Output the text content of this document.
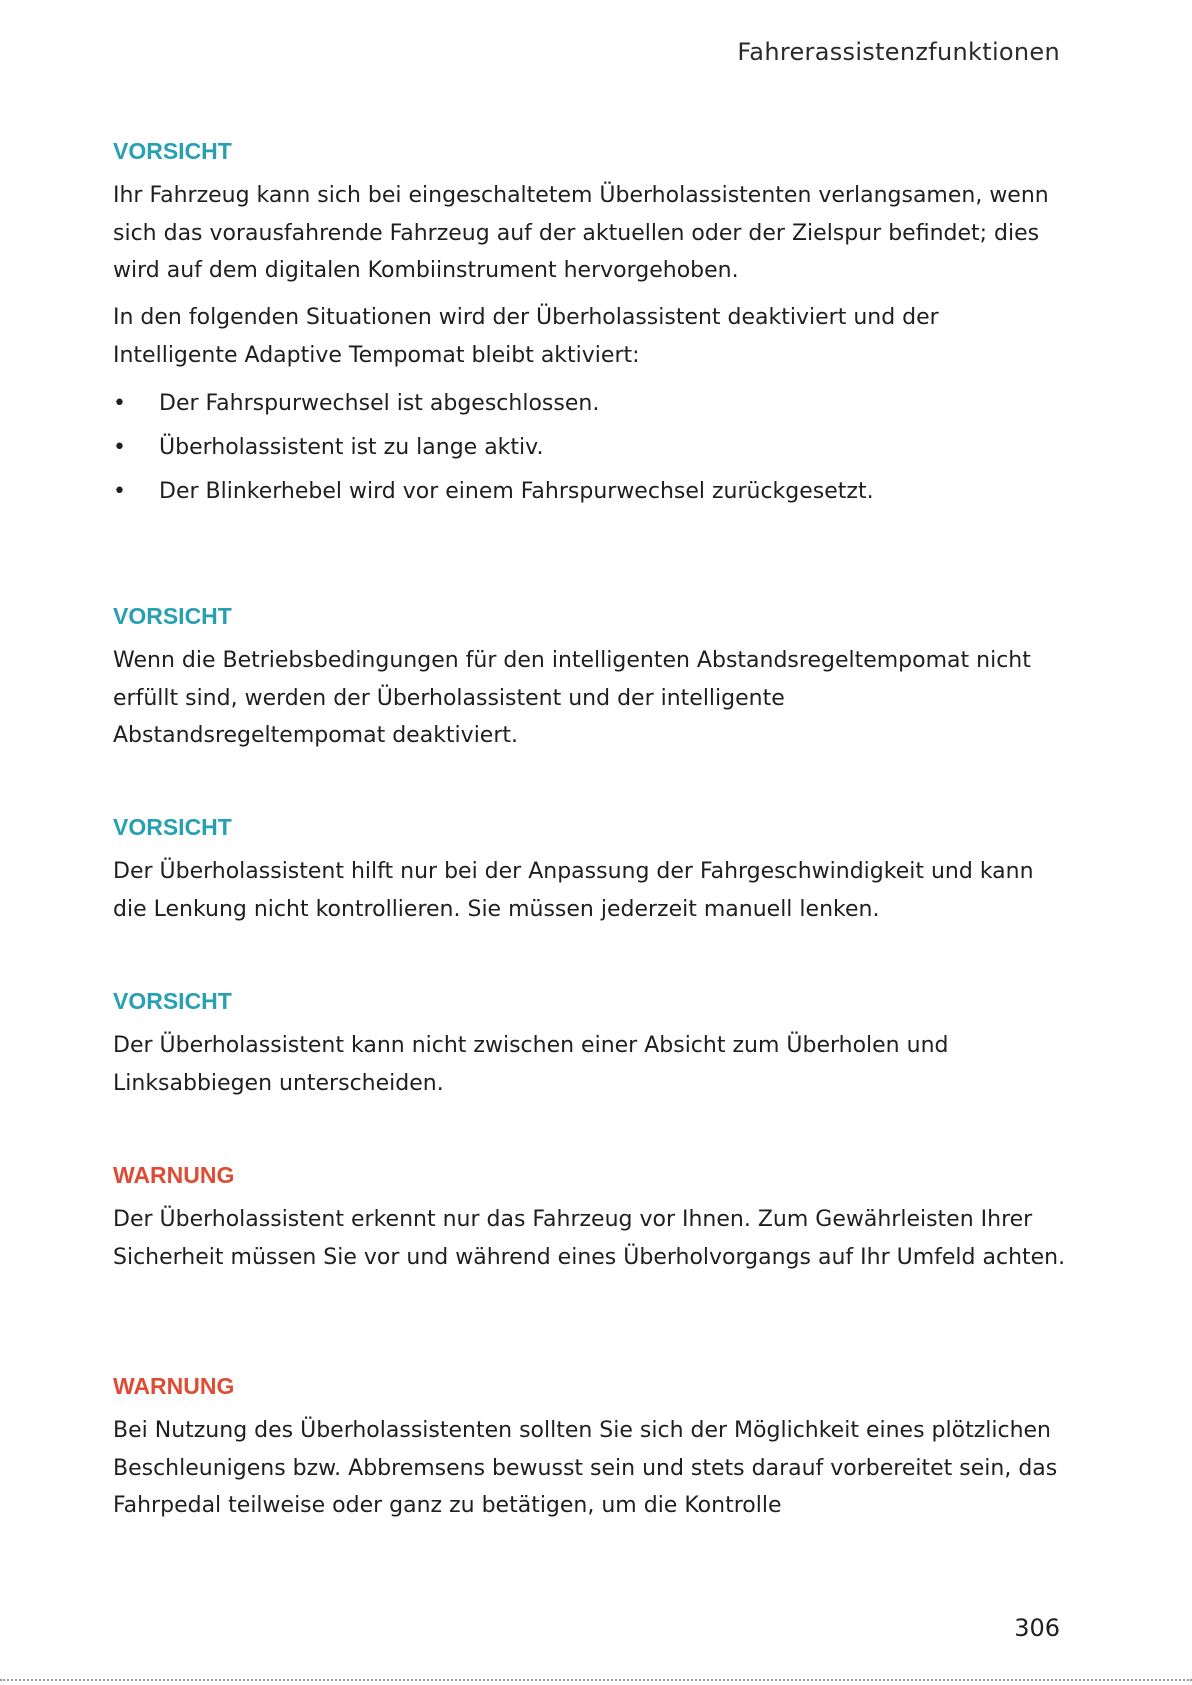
Fahrerassistenzfunktionen
VORSICHT
Ihr Fahrzeug kann sich bei eingeschaltetem Überholassistenten verlangsamen, wenn sich das vorausfahrende Fahrzeug auf der aktuellen oder der Zielspur befindet; dies wird auf dem digitalen Kombiinstrument hervorgehoben.
In den folgenden Situationen wird der Überholassistent deaktiviert und der Intelligente Adaptive Tempomat bleibt aktiviert:
• Der Fahrspurwechsel ist abgeschlossen.
• Überholassistent ist zu lange aktiv.
• Der Blinkerhebel wird vor einem Fahrspurwechsel zurückgesetzt.
VORSICHT
Wenn die Betriebsbedingungen für den intelligenten Abstandsregeltempomat nicht erfüllt sind, werden der Überholassistent und der intelligente Abstandsregeltempomat deaktiviert.
VORSICHT
Der Überholassistent hilft nur bei der Anpassung der Fahrgeschwindigkeit und kann die Lenkung nicht kontrollieren. Sie müssen jederzeit manuell lenken.
VORSICHT
Der Überholassistent kann nicht zwischen einer Absicht zum Überholen und Linksabbiegen unterscheiden.
WARNUNG
Der Überholassistent erkennt nur das Fahrzeug vor Ihnen. Zum Gewährleisten Ihrer Sicherheit müssen Sie vor und während eines Überholvorgangs auf Ihr Umfeld achten.
WARNUNG
Bei Nutzung des Überholassistenten sollten Sie sich der Möglichkeit eines plötzlichen Beschleunigens bzw. Abbremsens bewusst sein und stets darauf vorbereitet sein, das Fahrpedal teilweise oder ganz zu betätigen, um die Kontrolle
306
